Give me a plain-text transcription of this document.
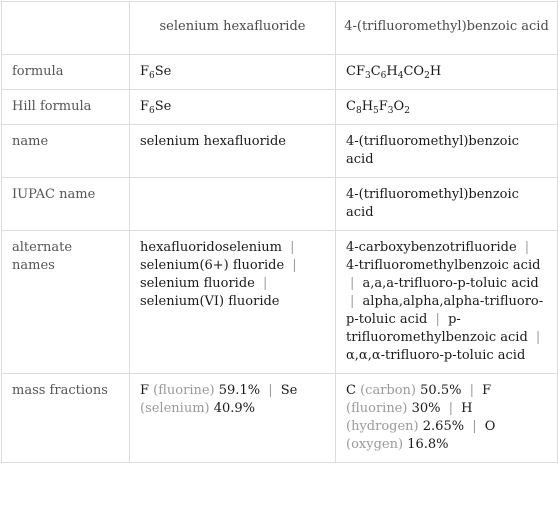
	selenium hexafluoride	4-(trifluoromethyl)benzoic acid
formula	$F_6Se$	$CF_3C_6H_4CO_2H$
Hill formula	$F_6Se$	$C_8H_5F_3O_2$
name	selenium hexafluoride	4-(trifluoromethyl)benzoic acid
IUPAC name		4-(trifluoromethyl)benzoic acid
alternate names	hexafluoridoselenium | selenium(6+) fluoride | selenium fluoride | selenium(VI) fluoride	4-carboxybenzotrifluoride | 4-trifluoromethylbenzoic acid | a,a,a-trifluoro-p-toluic acid | alpha,alpha,alpha-trifluoro-p-toluic acid | p-trifluoromethylbenzoic acid | α,α,α-trifluoro-p-toluic acid
mass fractions	F (fluorine) 59.1% | Se (selenium) 40.9%	C (carbon) 50.5% | F (fluorine) 30% | H (hydrogen) 2.65% | O (oxygen) 16.8%
